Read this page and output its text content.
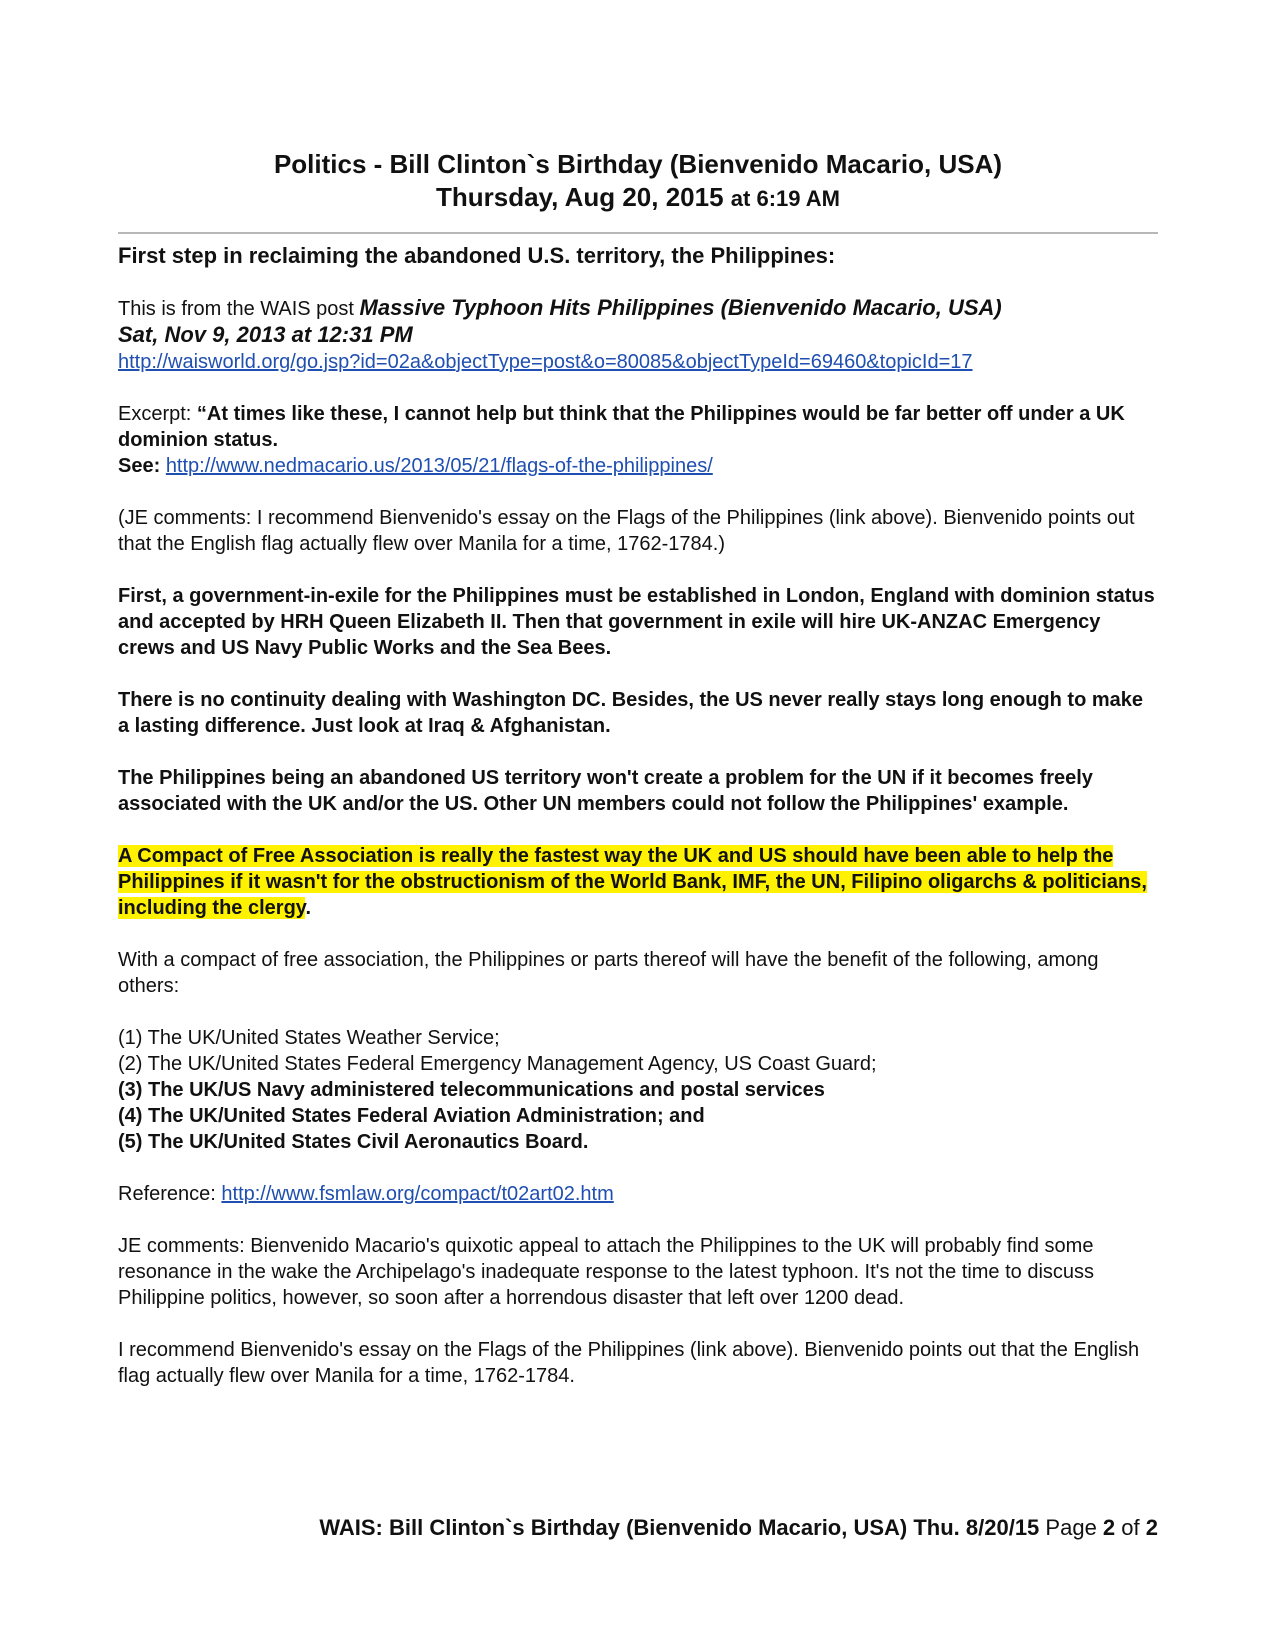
Politics - Bill Clinton`s Birthday (Bienvenido Macario, USA)
Thursday, Aug 20, 2015 at 6:19 AM

First step in reclaiming the abandoned U.S. territory, the Philippines:

This is from the WAIS post Massive Typhoon Hits Philippines (Bienvenido Macario, USA)
Sat, Nov 9, 2013 at 12:31 PM
http://waisworld.org/go.jsp?id=02a&objectType=post&o=80085&objectTypeId=69460&topicId=17

Excerpt: “At times like these, I cannot help but think that the Philippines would be far better off under a UK dominion status.
See: http://www.nedmacario.us/2013/05/21/flags-of-the-philippines/

(JE comments: I recommend Bienvenido's essay on the Flags of the Philippines (link above). Bienvenido points out that the English flag actually flew over Manila for a time, 1762-1784.)

First, a government-in-exile for the Philippines must be established in London, England with dominion status and accepted by HRH Queen Elizabeth II. Then that government in exile will hire UK-ANZAC Emergency crews and US Navy Public Works and the Sea Bees.

There is no continuity dealing with Washington DC. Besides, the US never really stays long enough to make a lasting difference. Just look at Iraq & Afghanistan.

The Philippines being an abandoned US territory won't create a problem for the UN if it becomes freely associated with the UK and/or the US. Other UN members could not follow the Philippines' example.

A Compact of Free Association is really the fastest way the UK and US should have been able to help the Philippines if it wasn't for the obstructionism of the World Bank, IMF, the UN, Filipino oligarchs & politicians, including the clergy.

With a compact of free association, the Philippines or parts thereof will have the benefit of the following, among others:

(1) The UK/United States Weather Service;
(2) The UK/United States Federal Emergency Management Agency, US Coast Guard;
(3) The UK/US Navy administered telecommunications and postal services
(4) The UK/United States Federal Aviation Administration; and
(5) The UK/United States Civil Aeronautics Board.

Reference: http://www.fsmlaw.org/compact/t02art02.htm

JE comments: Bienvenido Macario's quixotic appeal to attach the Philippines to the UK will probably find some resonance in the wake the Archipelago's inadequate response to the latest typhoon. It's not the time to discuss Philippine politics, however, so soon after a horrendous disaster that left over 1200 dead.

I recommend Bienvenido's essay on the Flags of the Philippines (link above). Bienvenido points out that the English flag actually flew over Manila for a time, 1762-1784.

WAIS: Bill Clinton`s Birthday (Bienvenido Macario, USA) Thu. 8/20/15 Page 2 of 2
